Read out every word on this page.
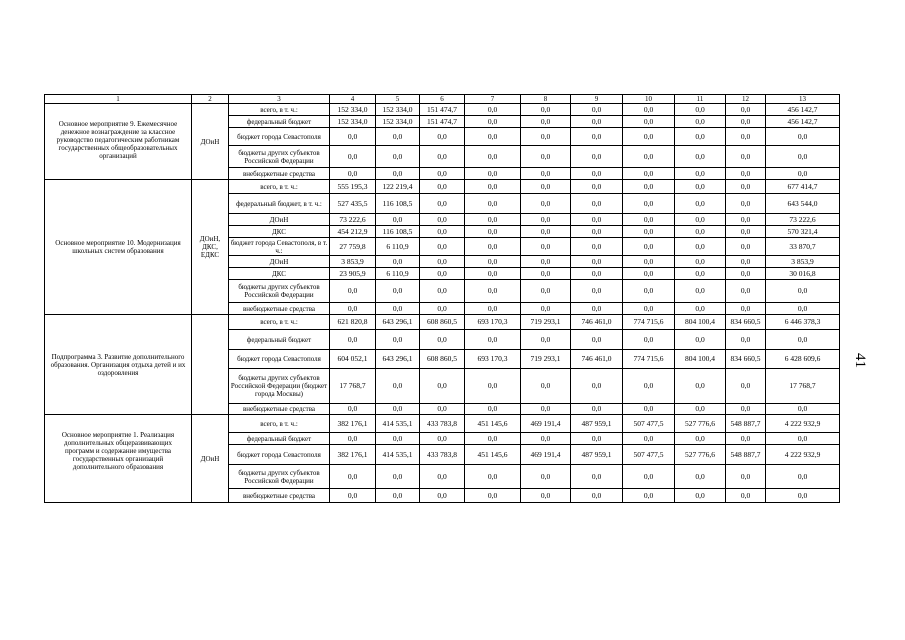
1	2	3	4	5	6	7	8	9	10	11	12	13
Основное мероприятие 9. Ежемесячное денежное вознаграждение за классное руководство педагогическим работникам государственных общеобразовательных организаций	ДОиН	всего, в т. ч.:	152 334,0	152 334,0	151 474,7	0,0	0,0	0,0	0,0	0,0	0,0	456 142,7
		федеральный бюджет	152 334,0	152 334,0	151 474,7	0,0	0,0	0,0	0,0	0,0	0,0	456 142,7
		бюджет города Севастополя	0,0	0,0	0,0	0,0	0,0	0,0	0,0	0,0	0,0	0,0
		бюджеты других субъектов Российской Федерации	0,0	0,0	0,0	0,0	0,0	0,0	0,0	0,0	0,0	0,0
		внебюджетные средства	0,0	0,0	0,0	0,0	0,0	0,0	0,0	0,0	0,0	0,0
Основное мероприятие 10. Модернизация школьных систем образования	ДОиН, ДКС, ЕДКС	всего, в т. ч.:	555 195,3	122 219,4	0,0	0,0	0,0	0,0	0,0	0,0	0,0	677 414,7
		федеральный бюджет, в т. ч.:	527 435,5	116 108,5	0,0	0,0	0,0	0,0	0,0	0,0	0,0	643 544,0
		ДОиН	73 222,6	0,0	0,0	0,0	0,0	0,0	0,0	0,0	0,0	73 222,6
		ДКС	454 212,9	116 108,5	0,0	0,0	0,0	0,0	0,0	0,0	0,0	570 321,4
		бюджет города Севастополя, в т. ч.:	27 759,8	6 110,9	0,0	0,0	0,0	0,0	0,0	0,0	0,0	33 870,7
		ДОиН	3 853,9	0,0	0,0	0,0	0,0	0,0	0,0	0,0	0,0	3 853,9
		ДКС	23 905,9	6 110,9	0,0	0,0	0,0	0,0	0,0	0,0	0,0	30 016,8
		бюджеты других субъектов Российской Федерации	0,0	0,0	0,0	0,0	0,0	0,0	0,0	0,0	0,0	0,0
		внебюджетные средства	0,0	0,0	0,0	0,0	0,0	0,0	0,0	0,0	0,0	0,0
Подпрограмма 3. Развитие дополнительного образования. Организация отдыха детей и их оздоровления		всего, в т. ч.:	621 820,8	643 296,1	608 860,5	693 170,3	719 293,1	746 461,0	774 715,6	804 100,4	834 660,5	6 446 378,3
		федеральный бюджет	0,0	0,0	0,0	0,0	0,0	0,0	0,0	0,0	0,0	0,0
		бюджет города Севастополя	604 052,1	643 296,1	608 860,5	693 170,3	719 293,1	746 461,0	774 715,6	804 100,4	834 660,5	6 428 609,6
		бюджеты других субъектов Российской Федерации (бюджет города Москвы)	17 768,7	0,0	0,0	0,0	0,0	0,0	0,0	0,0	0,0	17 768,7
		внебюджетные средства	0,0	0,0	0,0	0,0	0,0	0,0	0,0	0,0	0,0	0,0
Основное мероприятие 1. Реализация дополнительных общеразвивающих программ и содержание имущества государственных организаций дополнительного образования	ДОиН	всего, в т. ч.:	382 176,1	414 535,1	433 783,8	451 145,6	469 191,4	487 959,1	507 477,5	527 776,6	548 887,7	4 222 932,9
		федеральный бюджет	0,0	0,0	0,0	0,0	0,0	0,0	0,0	0,0	0,0	0,0
		бюджет города Севастополя	382 176,1	414 535,1	433 783,8	451 145,6	469 191,4	487 959,1	507 477,5	527 776,6	548 887,7	4 222 932,9
		бюджеты других субъектов Российской Федерации	0,0	0,0	0,0	0,0	0,0	0,0	0,0	0,0	0,0	0,0
		внебюджетные средства	0,0	0,0	0,0	0,0	0,0	0,0	0,0	0,0	0,0	0,0
41
